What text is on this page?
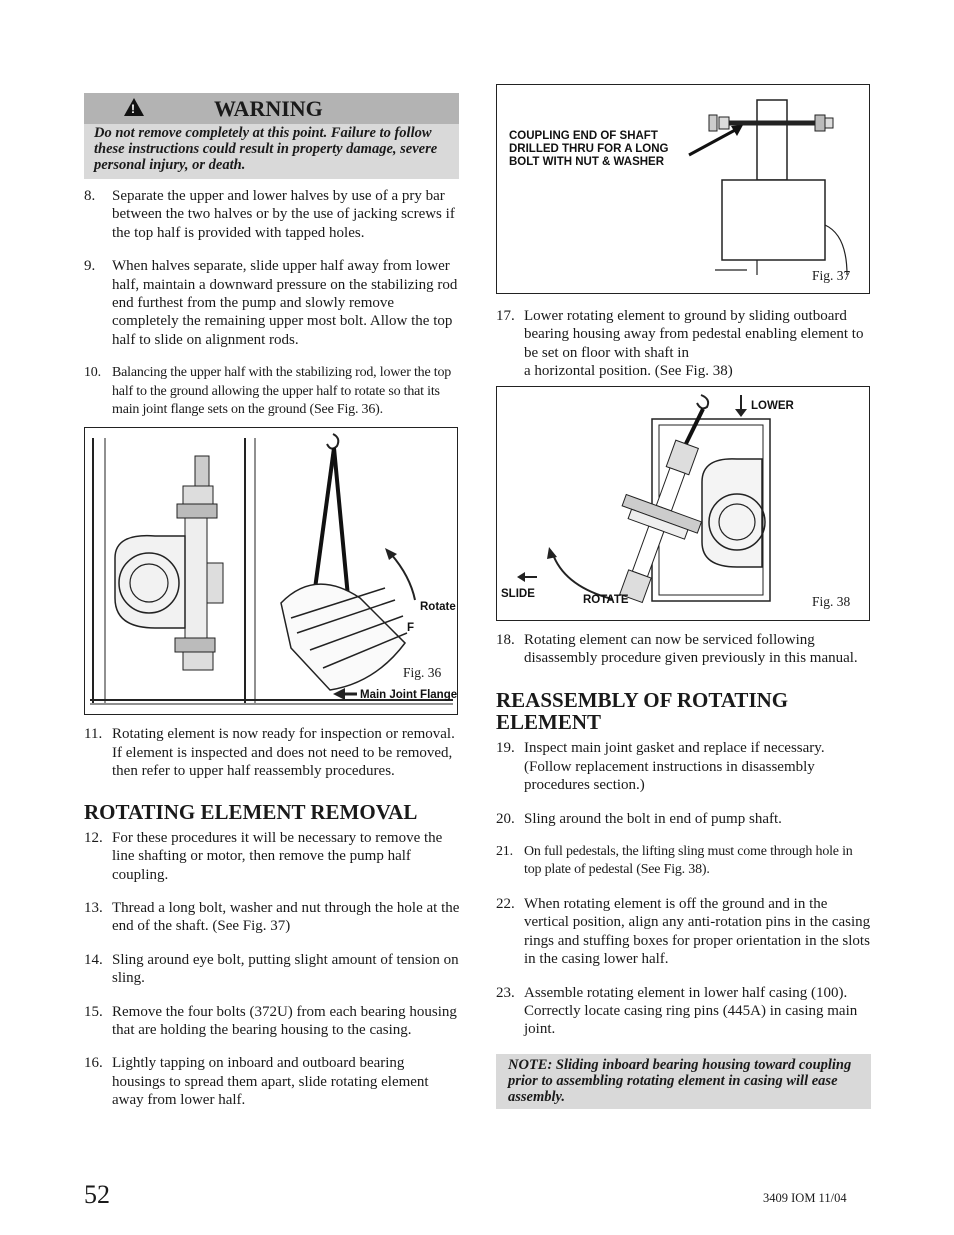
!	WARNING
Do not remove completely at this point. Failure to follow these instructions could result in property damage, severe personal injury, or death.
8. Separate the upper and lower halves by use of a pry bar between the two halves or by the use of jacking screws if the top half is provided with tapped holes.
9. When halves separate, slide upper half away from lower half, maintain a downward pressure on the stabilizing rod end furthest from the pump and slowly remove completely the remaining upper most bolt. Allow the top half to slide on alignment rods.
10. Balancing the upper half with the stabilizing rod, lower the top half to the ground allowing the upper half to rotate so that its main joint flange sets on the ground (See Fig. 36).
Rotate
F
Main Joint Flange
Fig. 36
11. Rotating element is now ready for inspection or removal. If element is inspected and does not need to be removed, then refer to upper half reassembly procedures.
ROTATING ELEMENT REMOVAL
12. For these procedures it will be necessary to remove the line shafting or motor, then remove the pump half coupling.
13. Thread a long bolt, washer and nut through the hole at the end of the shaft. (See Fig. 37)
14. Sling around eye bolt, putting slight amount of tension on sling.
15. Remove the four bolts (372U) from each bearing housing that are holding the bearing housing to the casing.
16. Lightly tapping on inboard and outboard bearing housings to spread them apart, slide rotating element away from lower half.
COUPLING END OF SHAFT
DRILLED THRU FOR A LONG
BOLT WITH NUT & WASHER
Fig. 37
17. Lower rotating element to ground by sliding outboard bearing housing away from pedestal enabling element to be set on floor with shaft in
a horizontal position. (See Fig. 38)
LOWER
SLIDE	ROTATE	Fig. 38
18. Rotating element can now be serviced following disassembly procedure given previously in this manual.
REASSEMBLY OF ROTATING ELEMENT
19. Inspect main joint gasket and replace if necessary. (Follow replacement instructions in disassembly procedures section.)
20. Sling around the bolt in end of pump shaft.
21. On full pedestals, the lifting sling must come through hole in top plate of pedestal (See Fig. 38).
22. When rotating element is off the ground and in the vertical position, align any anti-rotation pins in the casing rings and stuffing boxes for proper orientation in the slots in the casing lower half.
23. Assemble rotating element in lower half casing (100). Correctly locate casing ring pins (445A) in casing main joint.
NOTE: Sliding inboard bearing housing toward coupling prior to assembling rotating element in casing will ease assembly.
52	3409 IOM 11/04
